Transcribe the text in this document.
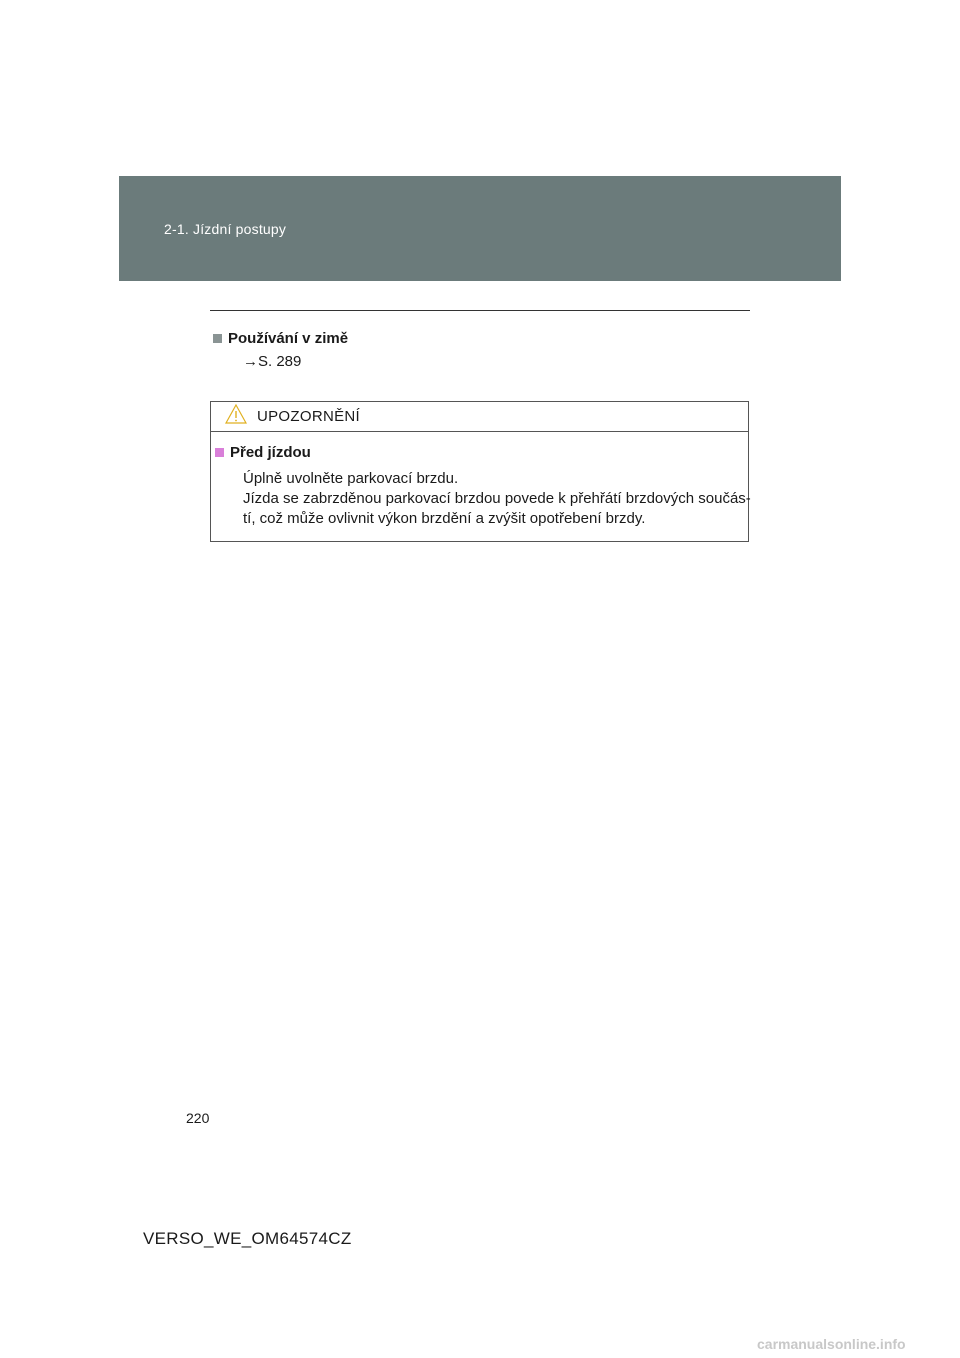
2-1. Jízdní postupy
Používání v zimě
→S. 289
UPOZORNĚNÍ
Před jízdou
Úplně uvolněte parkovací brzdu.
Jízda se zabrzděnou parkovací brzdou povede k přehřátí brzdových součás-
tí, což může ovlivnit výkon brzdění a zvýšit opotřebení brzdy.
220
VERSO_WE_OM64574CZ
carmanualsonline.info
